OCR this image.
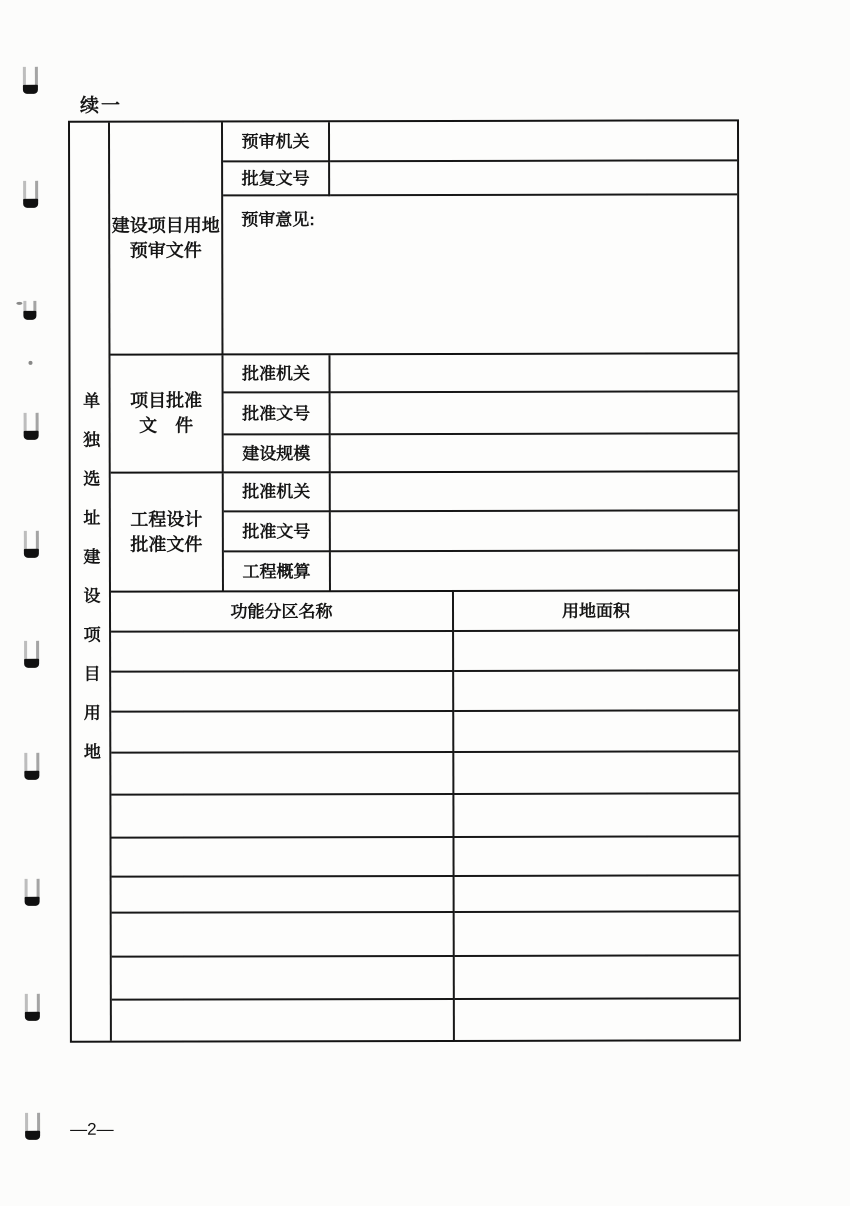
续一
—2—
单独选址建设项目用地
建设项目用地
预审文件
预审机关
批复文号
预审意见:
项目批准
文　件
批准机关
批准文号
建设规模
工程设计
批准文件
批准机关
批准文号
工程概算
功能分区名称	用地面积
